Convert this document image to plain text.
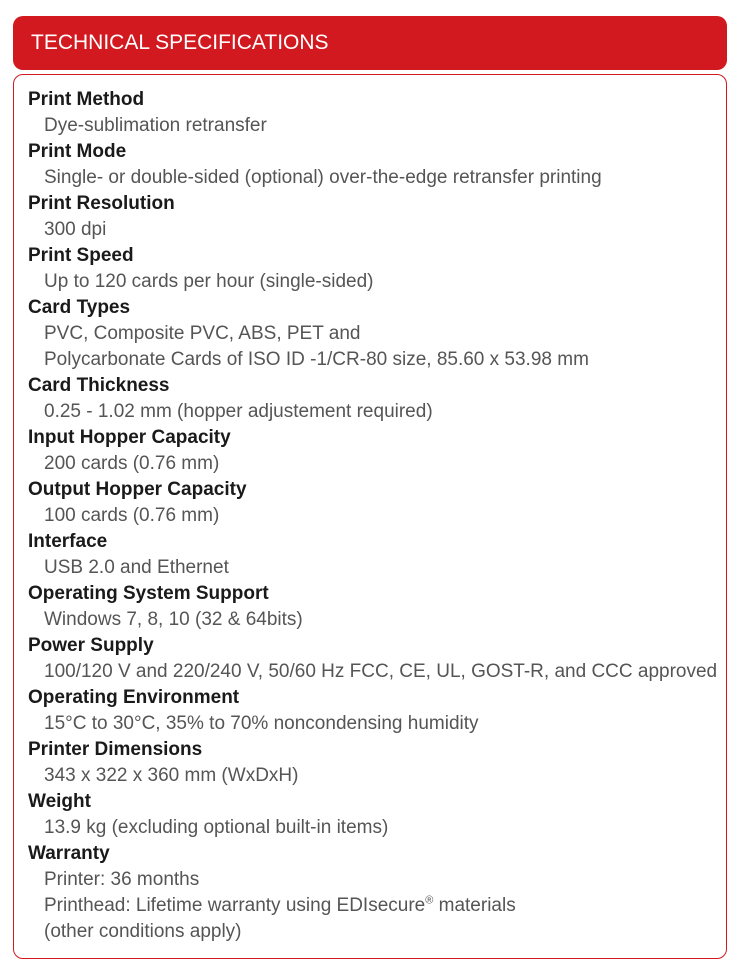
TECHNICAL SPECIFICATIONS
Print Method
Dye-sublimation retransfer
Print Mode
Single- or double-sided (optional) over-the-edge retransfer printing
Print Resolution
300 dpi
Print Speed
Up to 120 cards per hour (single-sided)
Card Types
PVC, Composite PVC, ABS, PET and
Polycarbonate Cards of ISO ID -1/CR-80 size, 85.60 x 53.98 mm
Card Thickness
0.25 - 1.02 mm (hopper adjustement required)
Input Hopper Capacity
200 cards (0.76 mm)
Output Hopper Capacity
100 cards (0.76 mm)
Interface
USB 2.0 and Ethernet
Operating System Support
Windows 7, 8, 10 (32 & 64bits)
Power Supply
100/120 V and 220/240 V, 50/60 Hz FCC, CE, UL, GOST-R, and CCC approved
Operating Environment
15°C to 30°C, 35% to 70% noncondensing humidity
Printer Dimensions
343 x 322 x 360 mm (WxDxH)
Weight
13.9 kg (excluding optional built-in items)
Warranty
Printer: 36 months
Printhead: Lifetime warranty using EDIsecure® materials
(other conditions apply)
